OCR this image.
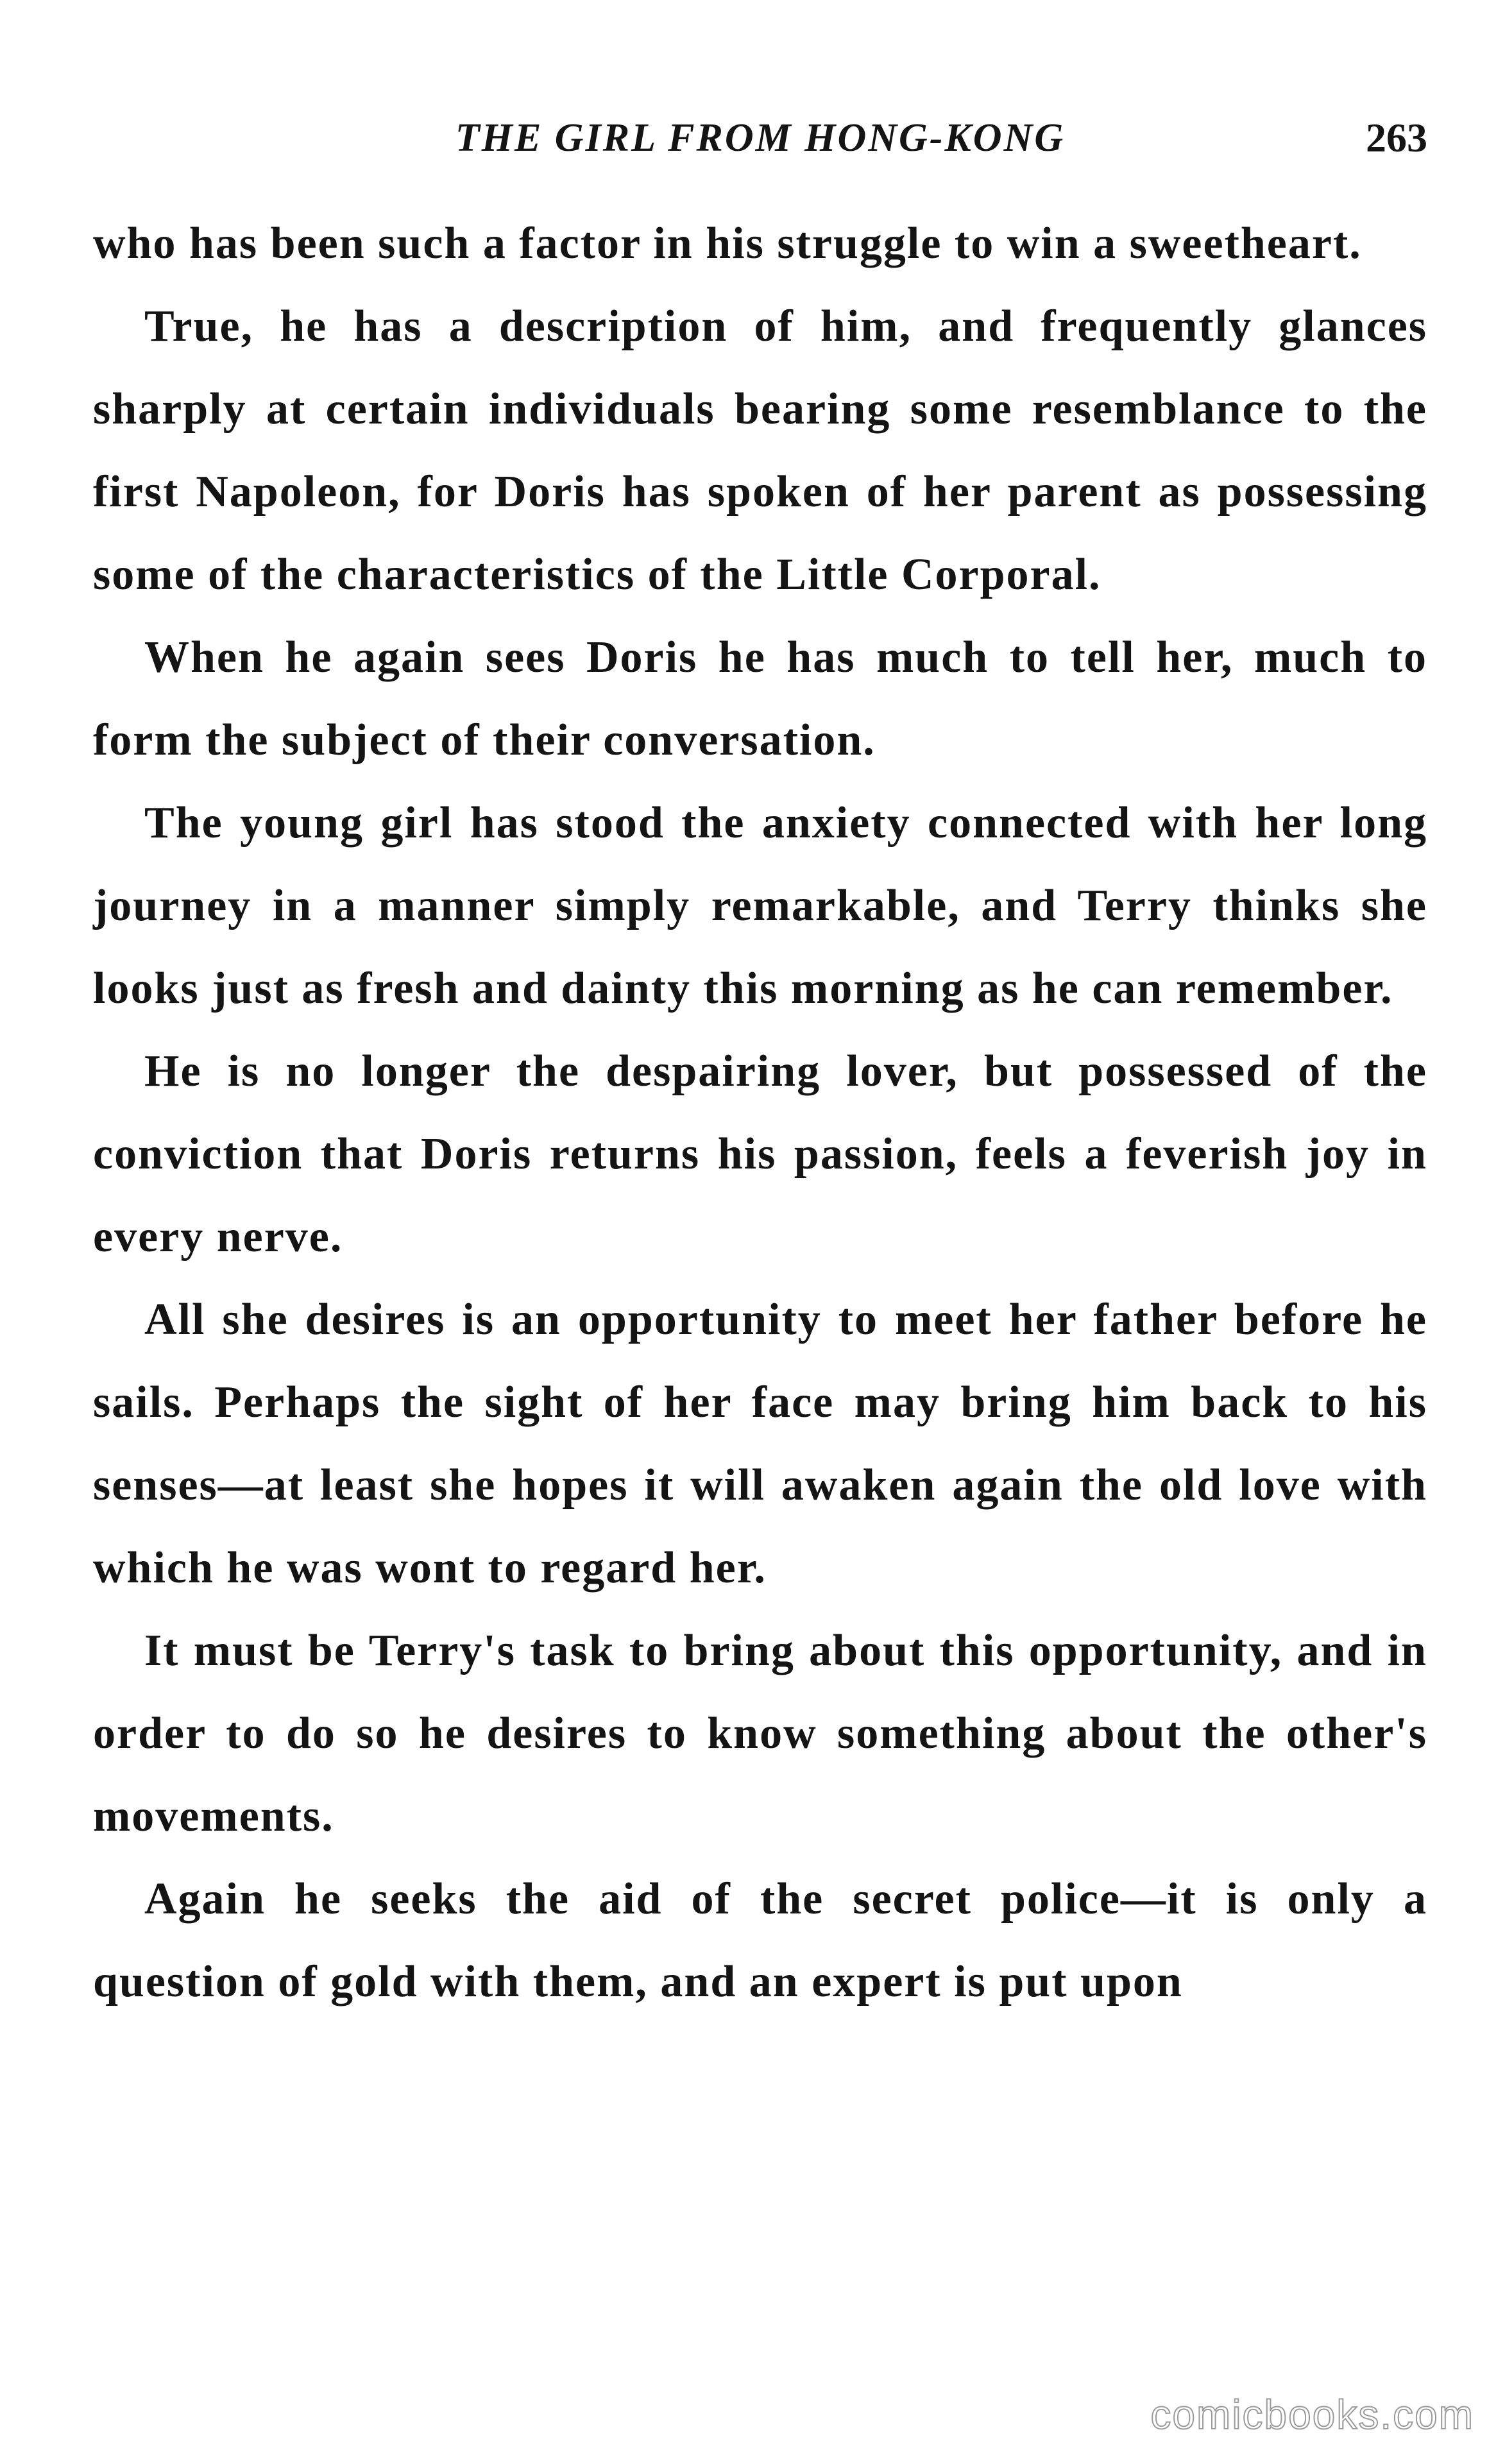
THE GIRL FROM HONG-KONG	263

who has been such a factor in his struggle to win a sweetheart.

True, he has a description of him, and frequently glances sharply at certain individuals bearing some resemblance to the first Napoleon, for Doris has spoken of her parent as possessing some of the characteristics of the Little Corporal.

When he again sees Doris he has much to tell her, much to form the subject of their conversation.

The young girl has stood the anxiety connected with her long journey in a manner simply remarkable, and Terry thinks she looks just as fresh and dainty this morning as he can remember.

He is no longer the despairing lover, but possessed of the conviction that Doris returns his passion, feels a feverish joy in every nerve.

All she desires is an opportunity to meet her father before he sails. Perhaps the sight of her face may bring him back to his senses—at least she hopes it will awaken again the old love with which he was wont to regard her.

It must be Terry's task to bring about this opportunity, and in order to do so he desires to know something about the other's movements.

Again he seeks the aid of the secret police—it is only a question of gold with them, and an expert is put upon

comicbooks.com
